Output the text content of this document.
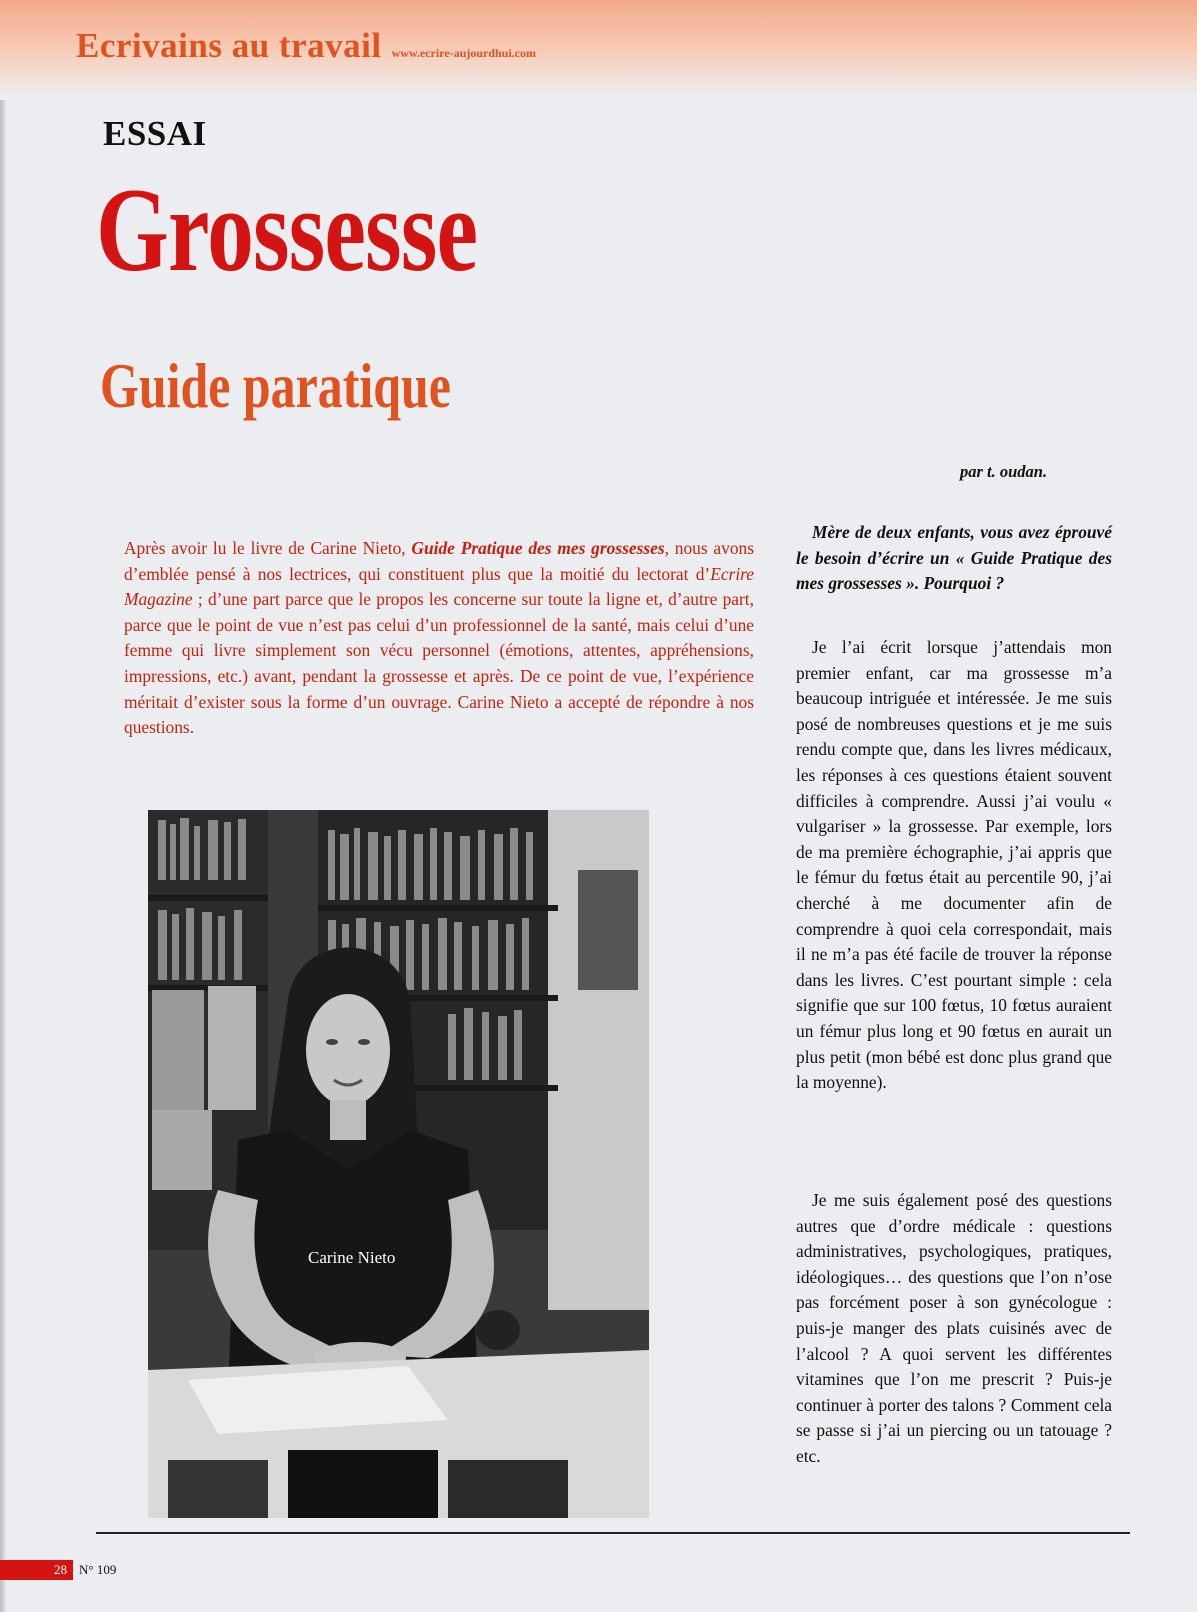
Ecrivains au travail www.ecrire-aujourdhui.com
ESSAI
Grossesse
Guide paratique
par t. oudan.
Après avoir lu le livre de Carine Nieto, Guide Pratique des mes grossesses, nous avons d’emblée pensé à nos lectrices, qui constituent plus que la moitié du lectorat d’Ecrire Magazine ; d’une part parce que le propos les concerne sur toute la ligne et, d’autre part, parce que le point de vue n’est pas celui d’un professionnel de la santé, mais celui d’une femme qui livre simplement son vécu personnel (émotions, attentes, appréhensions, impressions, etc.) avant, pendant la grossesse et après. De ce point de vue, l’expérience méritait d’exister sous la forme d’un ouvrage. Carine Nieto a accepté de répondre à nos questions.
Carine Nieto

Mère de deux enfants, vous avez éprouvé le besoin d’écrire un « Guide Pratique des mes grossesses ». Pourquoi ?

Je l’ai écrit lorsque j’attendais mon premier enfant, car ma grossesse m’a beaucoup intriguée et intéressée. Je me suis posé de nombreuses questions et je me suis rendu compte que, dans les livres médicaux, les réponses à ces questions étaient souvent difficiles à comprendre. Aussi j’ai voulu « vulgariser » la grossesse. Par exemple, lors de ma première échographie, j’ai appris que le fémur du fœtus était au percentile 90, j’ai cherché à me documenter afin de comprendre à quoi cela correspondait, mais il ne m’a pas été facile de trouver la réponse dans les livres. C’est pourtant simple : cela signifie que sur 100 fœtus, 10 fœtus auraient un fémur plus long et 90 fœtus en aurait un plus petit (mon bébé est donc plus grand que la moyenne).

Je me suis également posé des questions autres que d’ordre médicale : questions administratives, psychologiques, pratiques, idéologiques… des questions que l’on n’ose pas forcément poser à son gynécologue : puis-je manger des plats cuisinés avec de l’alcool ? A quoi servent les différentes vitamines que l’on me prescrit ? Puis-je continuer à porter des talons ? Comment cela se passe si j’ai un piercing ou un tatouage ? etc.

28 N° 109
